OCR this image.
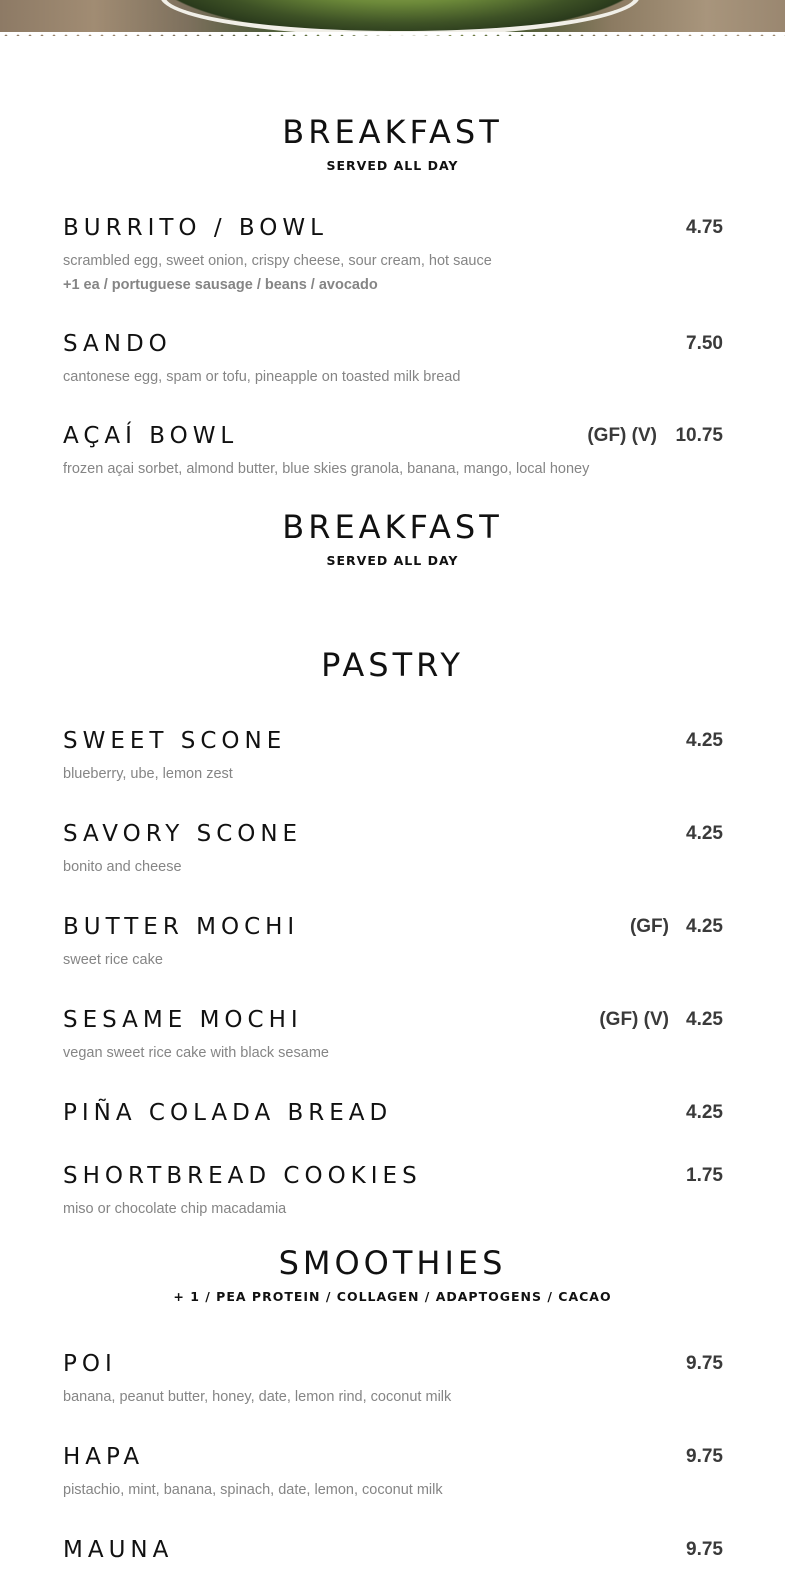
BREAKFAST

SERVED ALL DAY

BURRITO / BOWL	4.75
scrambled egg, sweet onion, crispy cheese, sour cream, hot sauce
+1 ea / portuguese sausage / beans / avocado
SANDO	7.50
cantonese egg, spam or tofu, pineapple on toasted milk bread
AÇAÍ BOWL	(GF) (V) 10.75
frozen açai sorbet, almond butter, blue skies granola, banana, mango, local honey
BREAKFAST

SERVED ALL DAY

PASTRY
SWEET SCONE	4.25
blueberry, ube, lemon zest
SAVORY SCONE	4.25
bonito and cheese
BUTTER MOCHI	(GF) 4.25
sweet rice cake
SESAME MOCHI	(GF) (V) 4.25
vegan sweet rice cake with black sesame
PIÑA COLADA BREAD	4.25
SHORTBREAD COOKIES	1.75
miso or chocolate chip macadamia
SMOOTHIES

+ 1 / PEA PROTEIN / COLLAGEN / ADAPTOGENS / CACAO

POI	9.75
banana, peanut butter, honey, date, lemon rind, coconut milk
HAPA	9.75
pistachio, mint, banana, spinach, date, lemon, coconut milk
MAUNA	9.75
